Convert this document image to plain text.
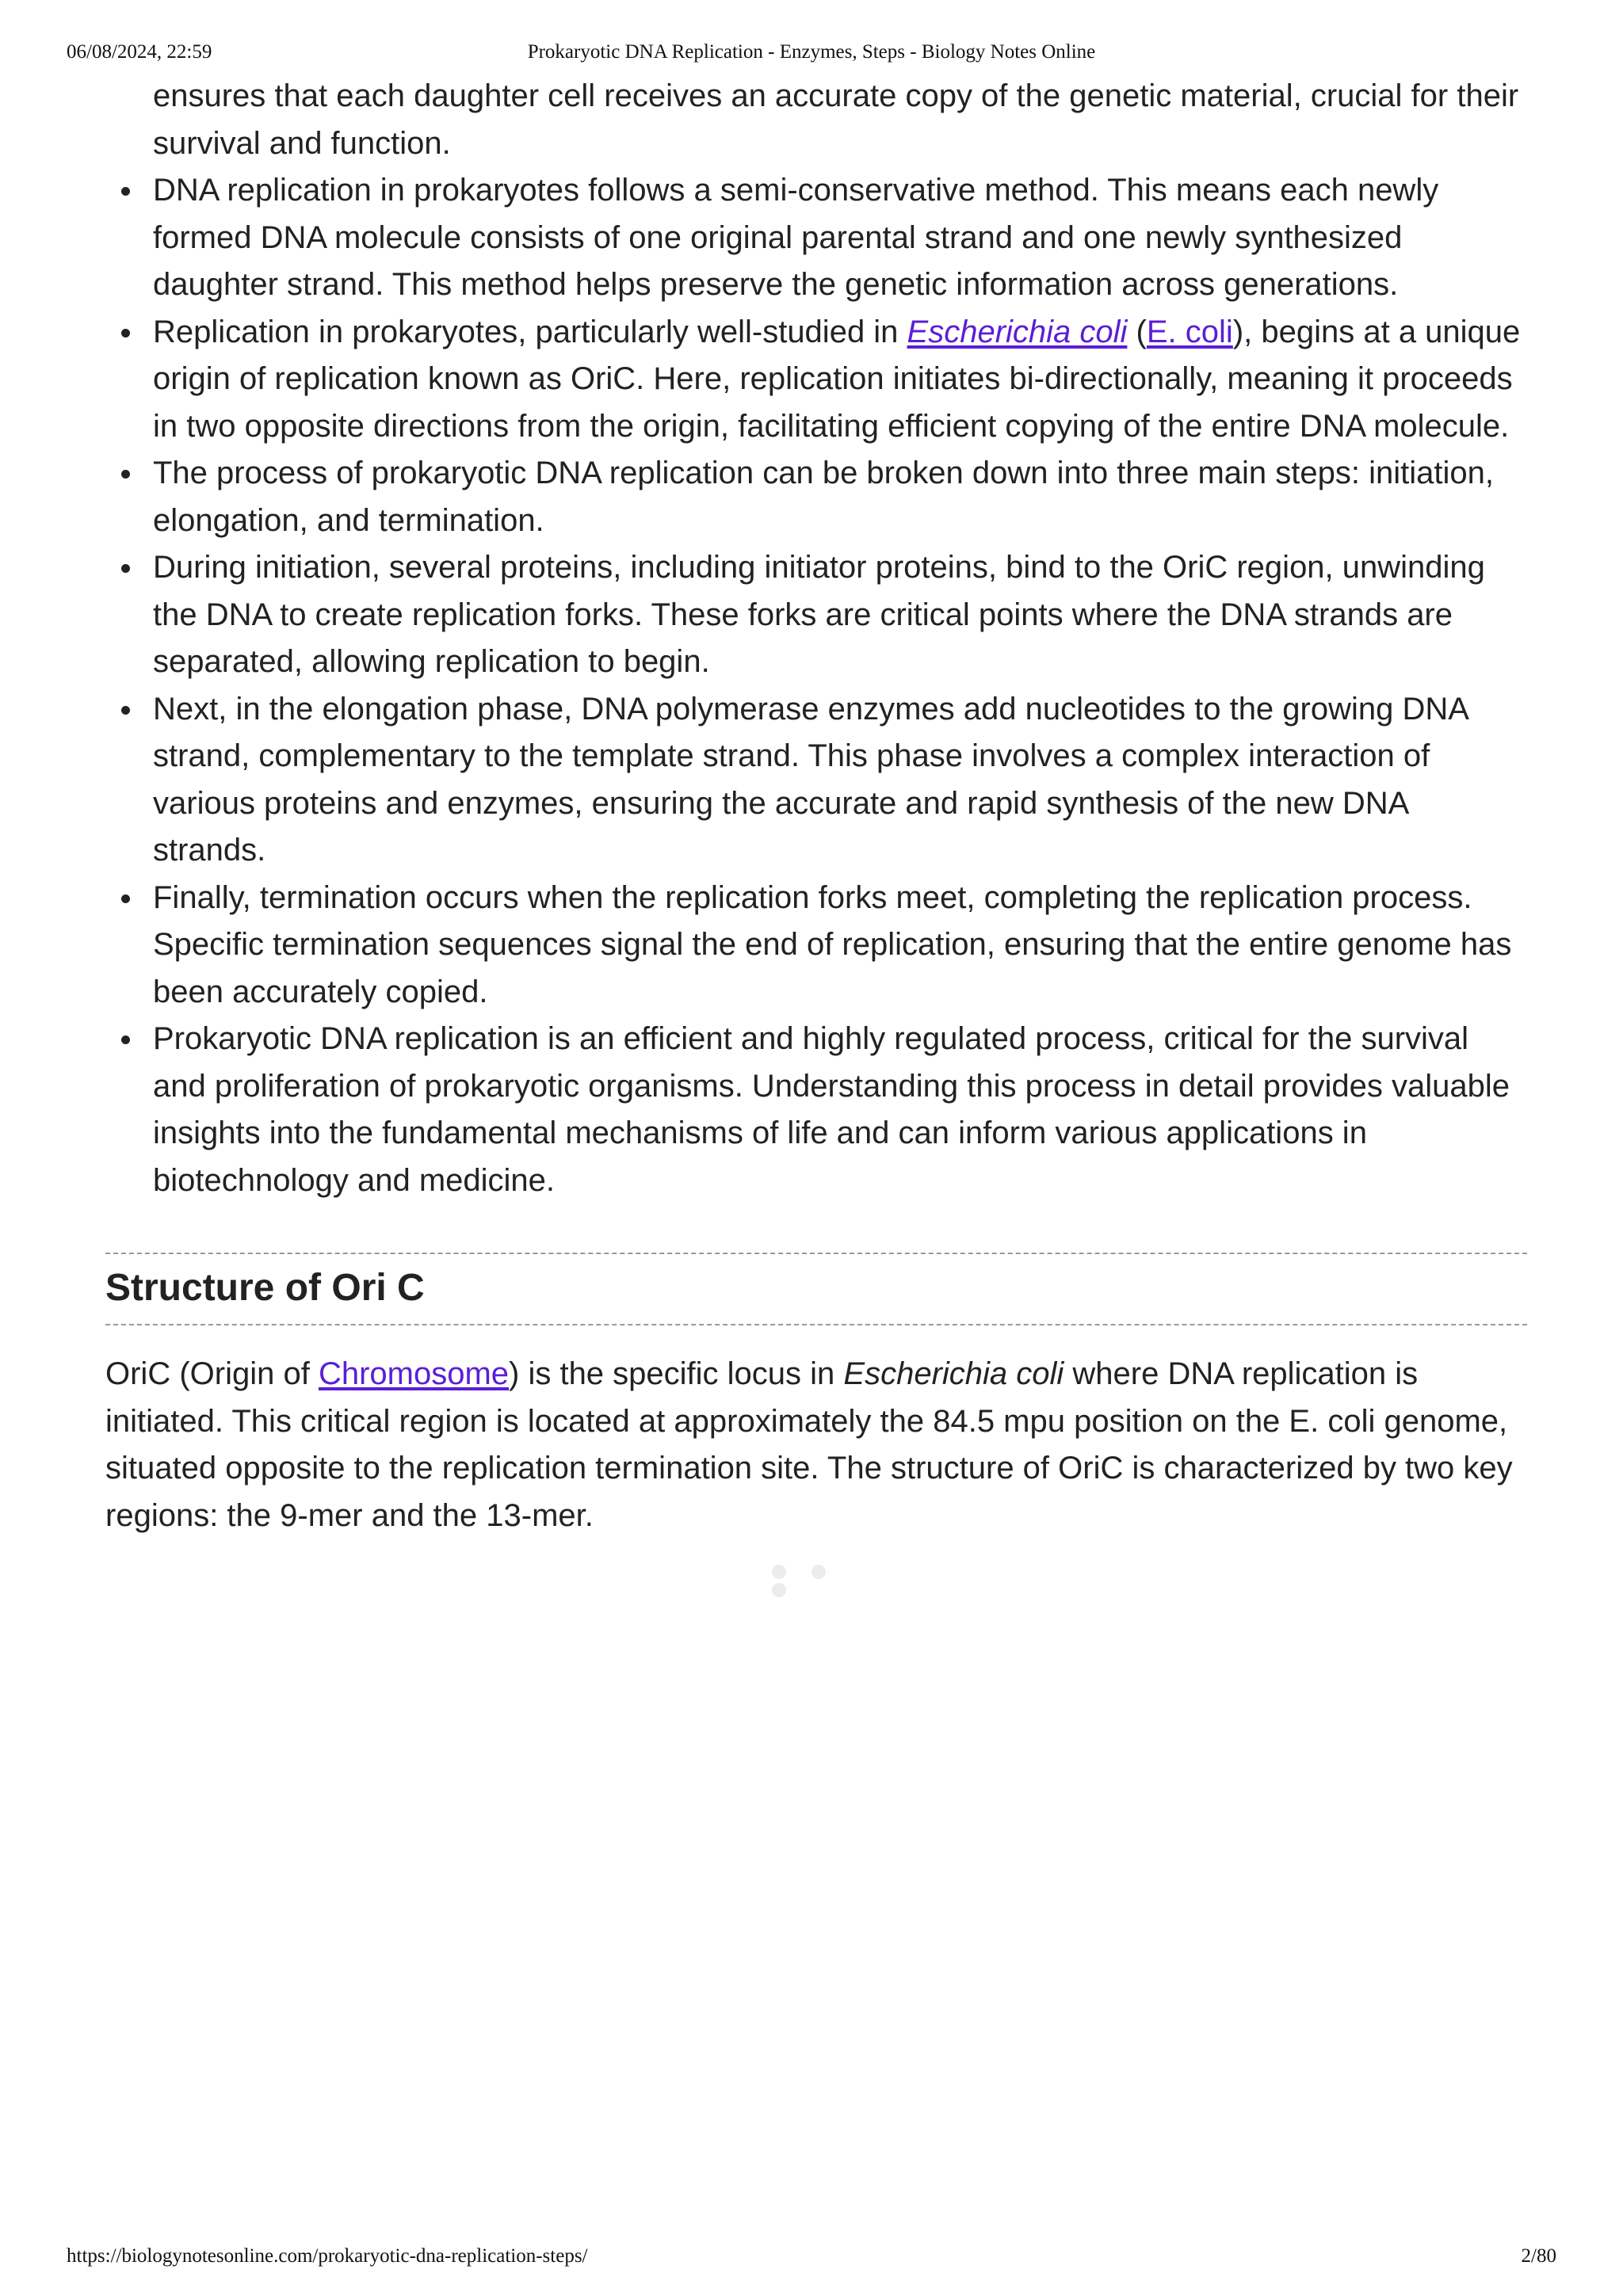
06/08/2024, 22:59	Prokaryotic DNA Replication - Enzymes, Steps - Biology Notes Online
ensures that each daughter cell receives an accurate copy of the genetic material, crucial for their survival and function.
DNA replication in prokaryotes follows a semi-conservative method. This means each newly formed DNA molecule consists of one original parental strand and one newly synthesized daughter strand. This method helps preserve the genetic information across generations.
Replication in prokaryotes, particularly well-studied in Escherichia coli (E. coli), begins at a unique origin of replication known as OriC. Here, replication initiates bi-directionally, meaning it proceeds in two opposite directions from the origin, facilitating efficient copying of the entire DNA molecule.
The process of prokaryotic DNA replication can be broken down into three main steps: initiation, elongation, and termination.
During initiation, several proteins, including initiator proteins, bind to the OriC region, unwinding the DNA to create replication forks. These forks are critical points where the DNA strands are separated, allowing replication to begin.
Next, in the elongation phase, DNA polymerase enzymes add nucleotides to the growing DNA strand, complementary to the template strand. This phase involves a complex interaction of various proteins and enzymes, ensuring the accurate and rapid synthesis of the new DNA strands.
Finally, termination occurs when the replication forks meet, completing the replication process. Specific termination sequences signal the end of replication, ensuring that the entire genome has been accurately copied.
Prokaryotic DNA replication is an efficient and highly regulated process, critical for the survival and proliferation of prokaryotic organisms. Understanding this process in detail provides valuable insights into the fundamental mechanisms of life and can inform various applications in biotechnology and medicine.
Structure of Ori C

OriC (Origin of Chromosome) is the specific locus in Escherichia coli where DNA replication is initiated. This critical region is located at approximately the 84.5 mpu position on the E. coli genome, situated opposite to the replication termination site. The structure of OriC is characterized by two key regions: the 9-mer and the 13-mer.

https://biologynotesonline.com/prokaryotic-dna-replication-steps/	2/80
